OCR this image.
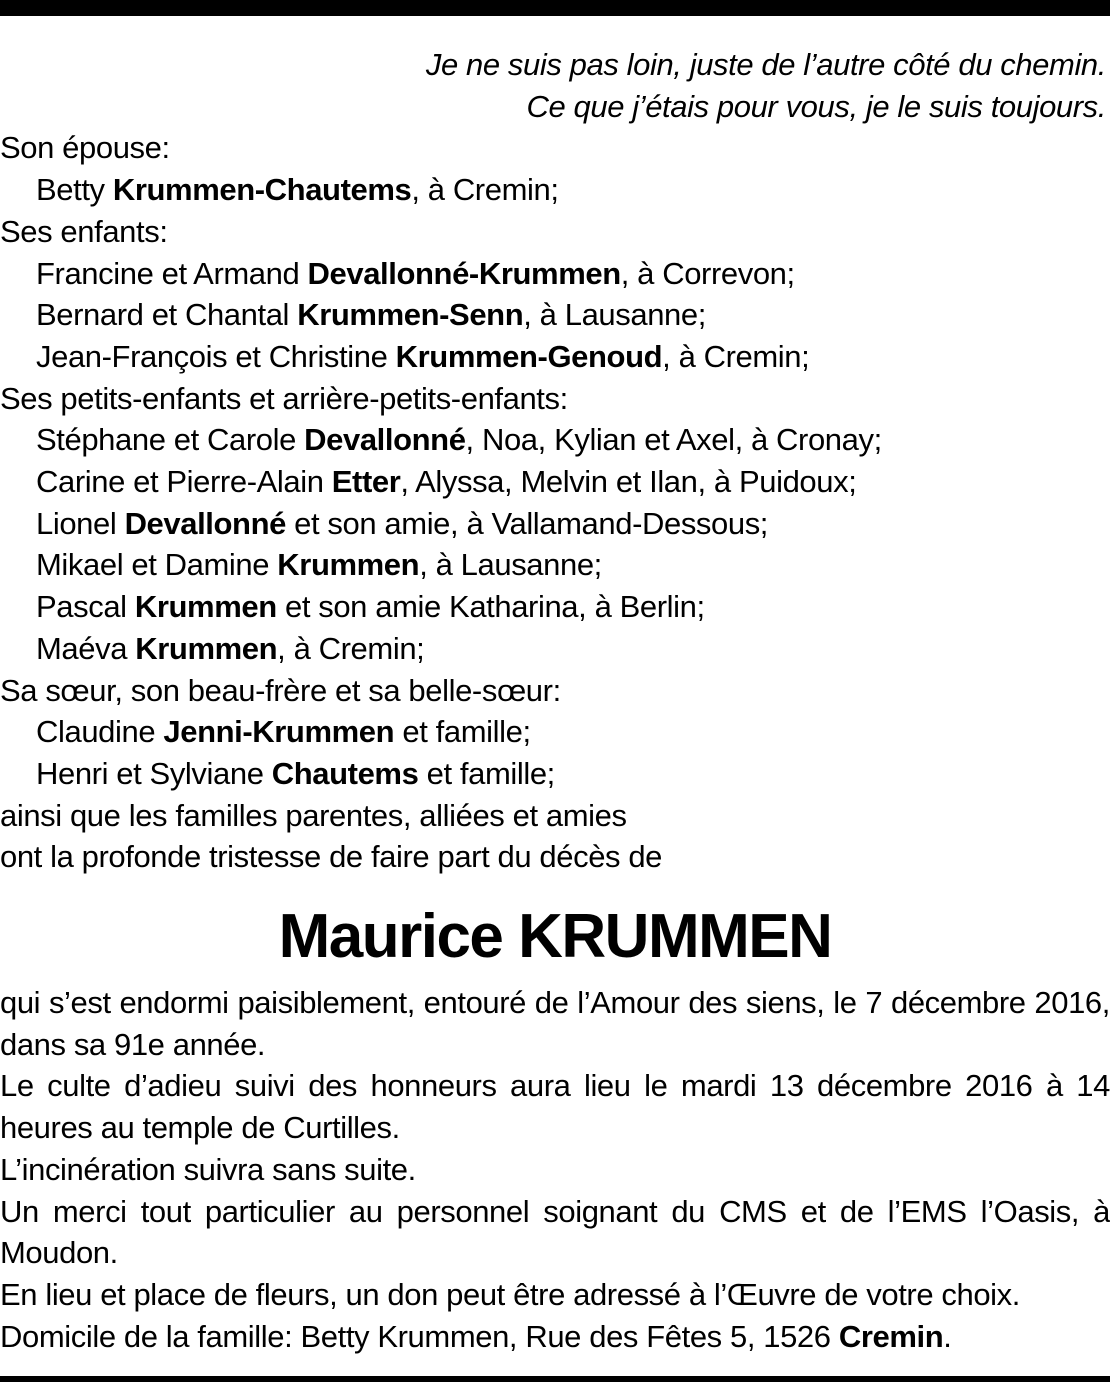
Je ne suis pas loin, juste de l’autre côté du chemin.
Ce que j’étais pour vous, je le suis toujours.
Son épouse:
Betty Krummen-Chautems, à Cremin;
Ses enfants:
Francine et Armand Devallonné-Krummen, à Correvon;
Bernard et Chantal Krummen-Senn, à Lausanne;
Jean-François et Christine Krummen-Genoud, à Cremin;
Ses petits-enfants et arrière-petits-enfants:
Stéphane et Carole Devallonné, Noa, Kylian et Axel, à Cronay;
Carine et Pierre-Alain Etter, Alyssa, Melvin et Ilan, à Puidoux;
Lionel Devallonné et son amie, à Vallamand-Dessous;
Mikael et Damine Krummen, à Lausanne;
Pascal Krummen et son amie Katharina, à Berlin;
Maéva Krummen, à Cremin;
Sa sœur, son beau-frère et sa belle-sœur:
Claudine Jenni-Krummen et famille;
Henri et Sylviane Chautems et famille;
ainsi que les familles parentes, alliées et amies
ont la profonde tristesse de faire part du décès de
Maurice KRUMMEN
qui s’est endormi paisiblement, entouré de l’Amour des siens, le 7 décembre 2016, dans sa 91e année.
Le culte d’adieu suivi des honneurs aura lieu le mardi 13 décembre 2016 à 14 heures au temple de Curtilles.
L’incinération suivra sans suite.
Un merci tout particulier au personnel soignant du CMS et de l’EMS l’Oasis, à Moudon.
En lieu et place de fleurs, un don peut être adressé à l’Œuvre de votre choix.
Domicile de la famille: Betty Krummen, Rue des Fêtes 5, 1526 Cremin.
